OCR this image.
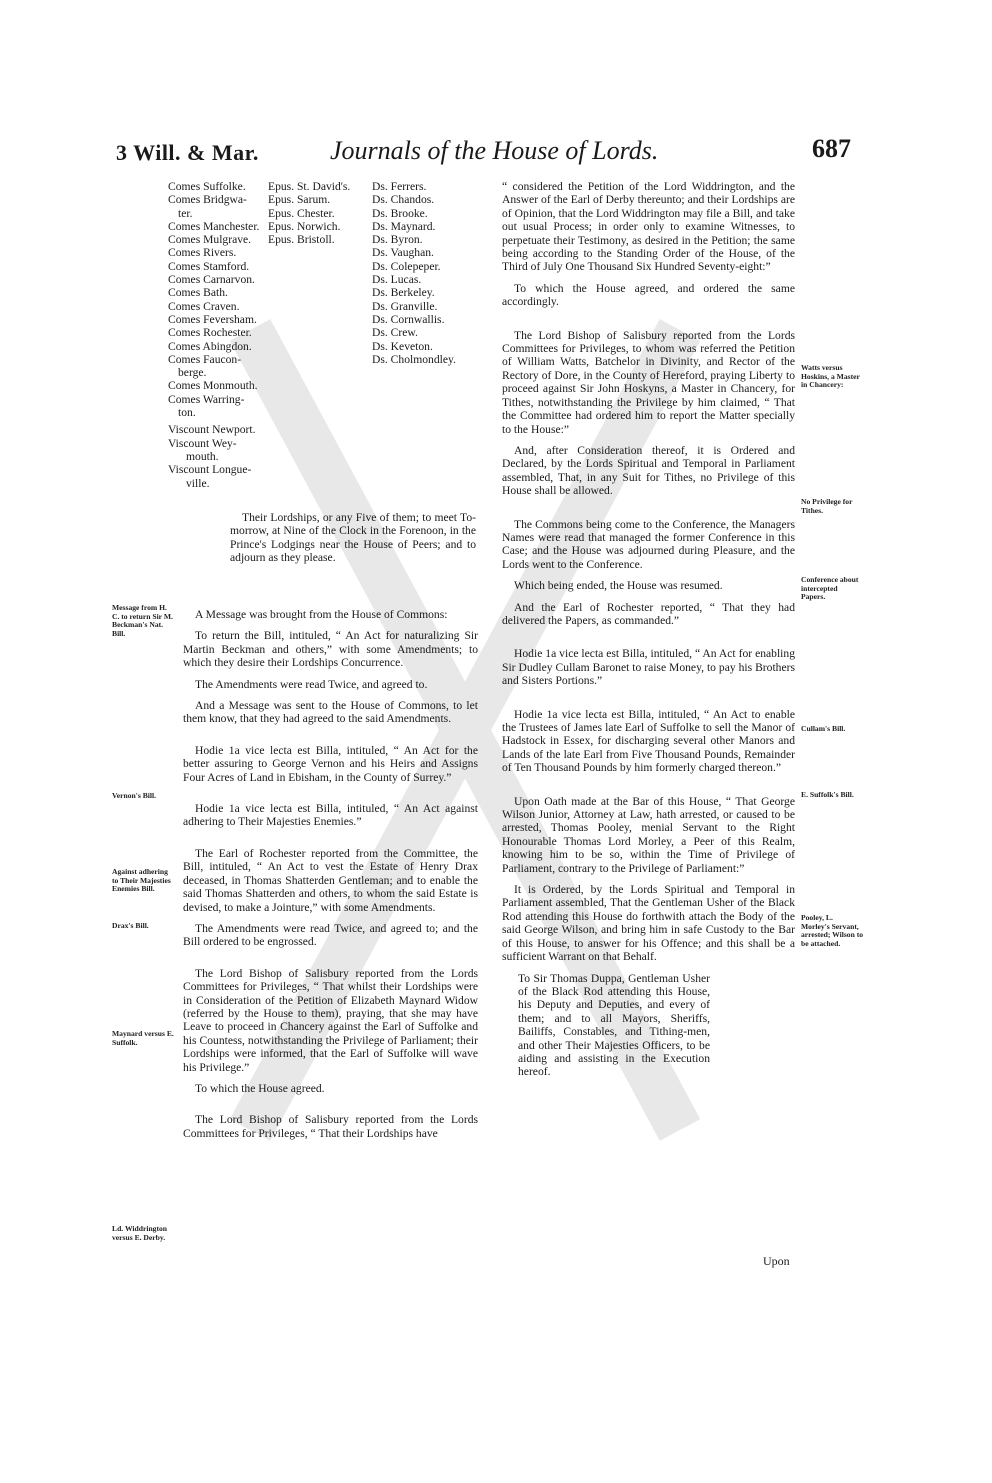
3 Will. & Mar.	Journals of the House of Lords.	687
Comes Suffolke.
Comes Bridgwa-
ter.
Comes Manchester.
Comes Mulgrave.
Comes Rivers.
Comes Stamford.
Comes Carnarvon.
Comes Bath.
Comes Craven.
Comes Feversham.
Comes Rochester.
Comes Abingdon.
Comes Faucon-
berge.
Comes Monmouth.
Comes Warring-
ton.
Viscount Newport.
Viscount Wey-
mouth.
Viscount Longue-
ville.
Epus. St. David's.
Epus. Sarum.
Epus. Chester.
Epus. Norwich.
Epus. Bristoll.
Ds. Ferrers.
Ds. Chandos.
Ds. Brooke.
Ds. Maynard.
Ds. Byron.
Ds. Vaughan.
Ds. Colepeper.
Ds. Lucas.
Ds. Berkeley.
Ds. Granville.
Ds. Cornwallis.
Ds. Crew.
Ds. Keveton.
Ds. Cholmondley.

Their Lordships, or any Five of them; to meet To-morrow, at Nine of the Clock in the Forenoon, in the Prince's Lodgings near the House of Peers; and to adjourn as they please.

A Message was brought from the House of Commons:

To return the Bill, intituled, “ An Act for naturalizing Sir Martin Beckman and others,” with some Amendments; to which they desire their Lordships Concurrence.

The Amendments were read Twice, and agreed to.

And a Message was sent to the House of Commons, to let them know, that they had agreed to the said Amendments.

Hodie 1a vice lecta est Billa, intituled, “ An Act for the better assuring to George Vernon and his Heirs and Assigns Four Acres of Land in Ebisham, in the County of Surrey.”

Hodie 1a vice lecta est Billa, intituled, “ An Act against adhering to Their Majesties Enemies.”

The Earl of Rochester reported from the Committee, the Bill, intituled, “ An Act to vest the Estate of Henry Drax deceased, in Thomas Shatterden Gentleman; and to enable the said Thomas Shatterden and others, to whom the said Estate is devised, to make a Jointure,” with some Amendments.

The Amendments were read Twice, and agreed to; and the Bill ordered to be engrossed.

The Lord Bishop of Salisbury reported from the Lords Committees for Privileges, “ That whilst their Lordships were in Consideration of the Petition of Elizabeth Maynard Widow (referred by the House to them), praying, that she may have Leave to proceed in Chancery against the Earl of Suffolke and his Countess, notwithstanding the Privilege of Parliament; their Lordships were informed, that the Earl of Suffolke will wave his Privilege.”

To which the House agreed.

The Lord Bishop of Salisbury reported from the Lords Committees for Privileges, “ That their Lordships have

“ considered the Petition of the Lord Widdrington, and the Answer of the Earl of Derby thereunto; and their Lordships are of Opinion, that the Lord Widdrington may file a Bill, and take out usual Process; in order only to examine Witnesses, to perpetuate their Testimony, as desired in the Petition; the same being according to the Standing Order of the House, of the Third of July One Thousand Six Hundred Seventy-eight:”

To which the House agreed, and ordered the same accordingly.

The Lord Bishop of Salisbury reported from the Lords Committees for Privileges, to whom was referred the Petition of William Watts, Batchelor in Divinity, and Rector of the Rectory of Dore, in the County of Hereford, praying Liberty to proceed against Sir John Hoskyns, a Master in Chancery, for Tithes, notwithstanding the Privilege by him claimed, “ That the Committee had ordered him to report the Matter specially to the House:”

And, after Consideration thereof, it is Ordered and Declared, by the Lords Spiritual and Temporal in Parliament assembled, That, in any Suit for Tithes, no Privilege of this House shall be allowed.

The Commons being come to the Conference, the Managers Names were read that managed the former Conference in this Case; and the House was adjourned during Pleasure, and the Lords went to the Conference.

Which being ended, the House was resumed.

And the Earl of Rochester reported, “ That they had delivered the Papers, as commanded.”

Hodie 1a vice lecta est Billa, intituled, “ An Act for enabling Sir Dudley Cullam Baronet to raise Money, to pay his Brothers and Sisters Portions.”

Hodie 1a vice lecta est Billa, intituled, “ An Act to enable the Trustees of James late Earl of Suffolke to sell the Manor of Hadstock in Essex, for discharging several other Manors and Lands of the late Earl from Five Thousand Pounds, Remainder of Ten Thousand Pounds by him formerly charged thereon.”

Upon Oath made at the Bar of this House, “ That George Wilson Junior, Attorney at Law, hath arrested, or caused to be arrested, Thomas Pooley, menial Servant to the Right Honourable Thomas Lord Morley, a Peer of this Realm, knowing him to be so, within the Time of Privilege of Parliament, contrary to the Privilege of Parliament:”

It is Ordered, by the Lords Spiritual and Temporal in Parliament assembled, That the Gentleman Usher of the Black Rod attending this House do forthwith attach the Body of the said George Wilson, and bring him in safe Custody to the Bar of this House, to answer for his Offence; and this shall be a sufficient Warrant on that Behalf.

To Sir Thomas Duppa, Gentleman Usher of the Black Rod attending this House, his Deputy and Deputies, and every of them; and to all Mayors, Sheriffs, Bailiffs, Constables, and Tithing-men, and other Their Majesties Officers, to be aiding and assisting in the Execution hereof.

Upon
Message from H. C. to return Sir M. Beckman's Nat. Bill.
Vernon's Bill.
Against adhering to Their Majesties Enemies Bill.
Drax's Bill.
Maynard versus E. Suffolk.
Ld. Widdrington versus E. Derby.
Watts versus Hoskins, a Master in Chancery:
No Privilege for Tithes.
Conference about intercepted Papers.
Cullam's Bill.
E. Suffolk's Bill.
Pooley, L. Morley's Servant, arrested; Wilson to be attached.
